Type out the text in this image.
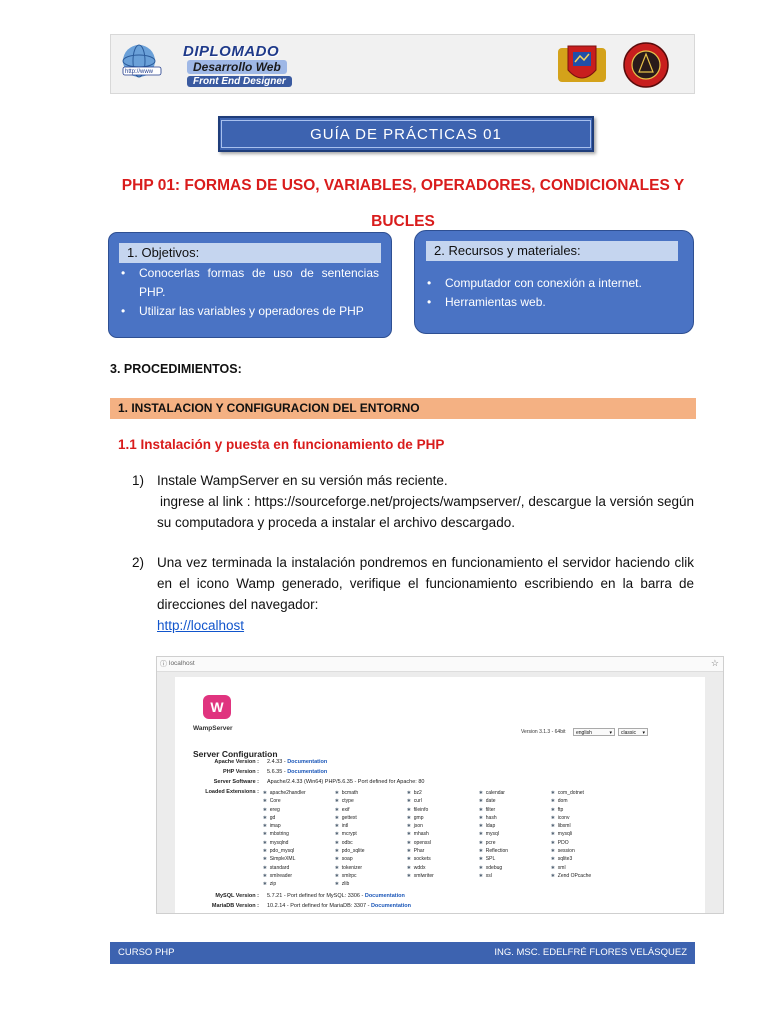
http://www
DIPLOMADO
Desarrollo Web
Front End Designer
GUÍA DE PRÁCTICAS 01
PHP 01: FORMAS DE USO, VARIABLES, OPERADORES, CONDICIONALES Y
BUCLES
1. Objetivos:
• Conocerlas formas de uso de sentencias PHP.
• Utilizar las variables y operadores de PHP
2. Recursos y materiales:
• Computador con conexión a internet.
• Herramientas web.
3. PROCEDIMIENTOS:
1. INSTALACION Y CONFIGURACION DEL ENTORNO
1.1 Instalación y puesta en funcionamiento de PHP
1) Instale WampServer en su versión más reciente.
ingrese al link : https://sourceforge.net/projects/wampserver/, descargue la versión según su computadora y proceda a instalar el archivo descargado.
2) Una vez terminada la instalación pondremos en funcionamiento el servidor haciendo clik en el icono Wamp generado, verifique el funcionamiento escribiendo en la barra de direcciones del navegador:
http://localhost
ⓘ localhost	☆
W
WampServer	Version 3.1.3 - 64bit	english	▾	classic ▾
Server Configuration
Apache Version : 2.4.33 - Documentation
PHP Version : 5.6.35 - Documentation
Server Software : Apache/2.4.33 (Win64) PHP/5.6.35 - Port defined for Apache: 80
Loaded Extensions :
✱	apache2handler
✱ Core
✱ ereg
✱ gd
✱ imap
✱ mbstring
✱ mysqlnd
✱ pdo_mysql
✱ SimpleXML
✱ standard
✱ xmlreader
✱ zip
✱ bcmath
✱ ctype
✱ exif
✱ gettext
✱ intl
✱ mcrypt
✱ odbc
✱ pdo_sqlite
✱ soap
✱ tokenizer
✱ xmlrpc
✱ zlib
✱ bz2
✱ curl
✱ fileinfo
✱ gmp
✱ json
✱ mhash
✱ openssl
✱ Phar
✱ sockets
✱ wddx
✱ xmlwriter
✱ calendar
✱ date
✱ filter
✱ hash
✱ ldap
✱ mysql
✱ pcre
✱ Reflection
✱ SPL
✱ xdebug
✱ xsl
✱ com_dotnet
✱ dom
✱ ftp
✱ iconv
✱ libxml
✱ mysqli
✱ PDO
✱ session
✱ sqlite3
✱ xml
✱ Zend OPcache
MySQL Version : 5.7.21 - Port defined for MySQL: 3306 - Documentation
MariaDB Version : 10.2.14 - Port defined for MariaDB: 3307 - Documentation
CURSO PHP	ING. MSC. EDELFRÉ FLORES VELÁSQUEZ
